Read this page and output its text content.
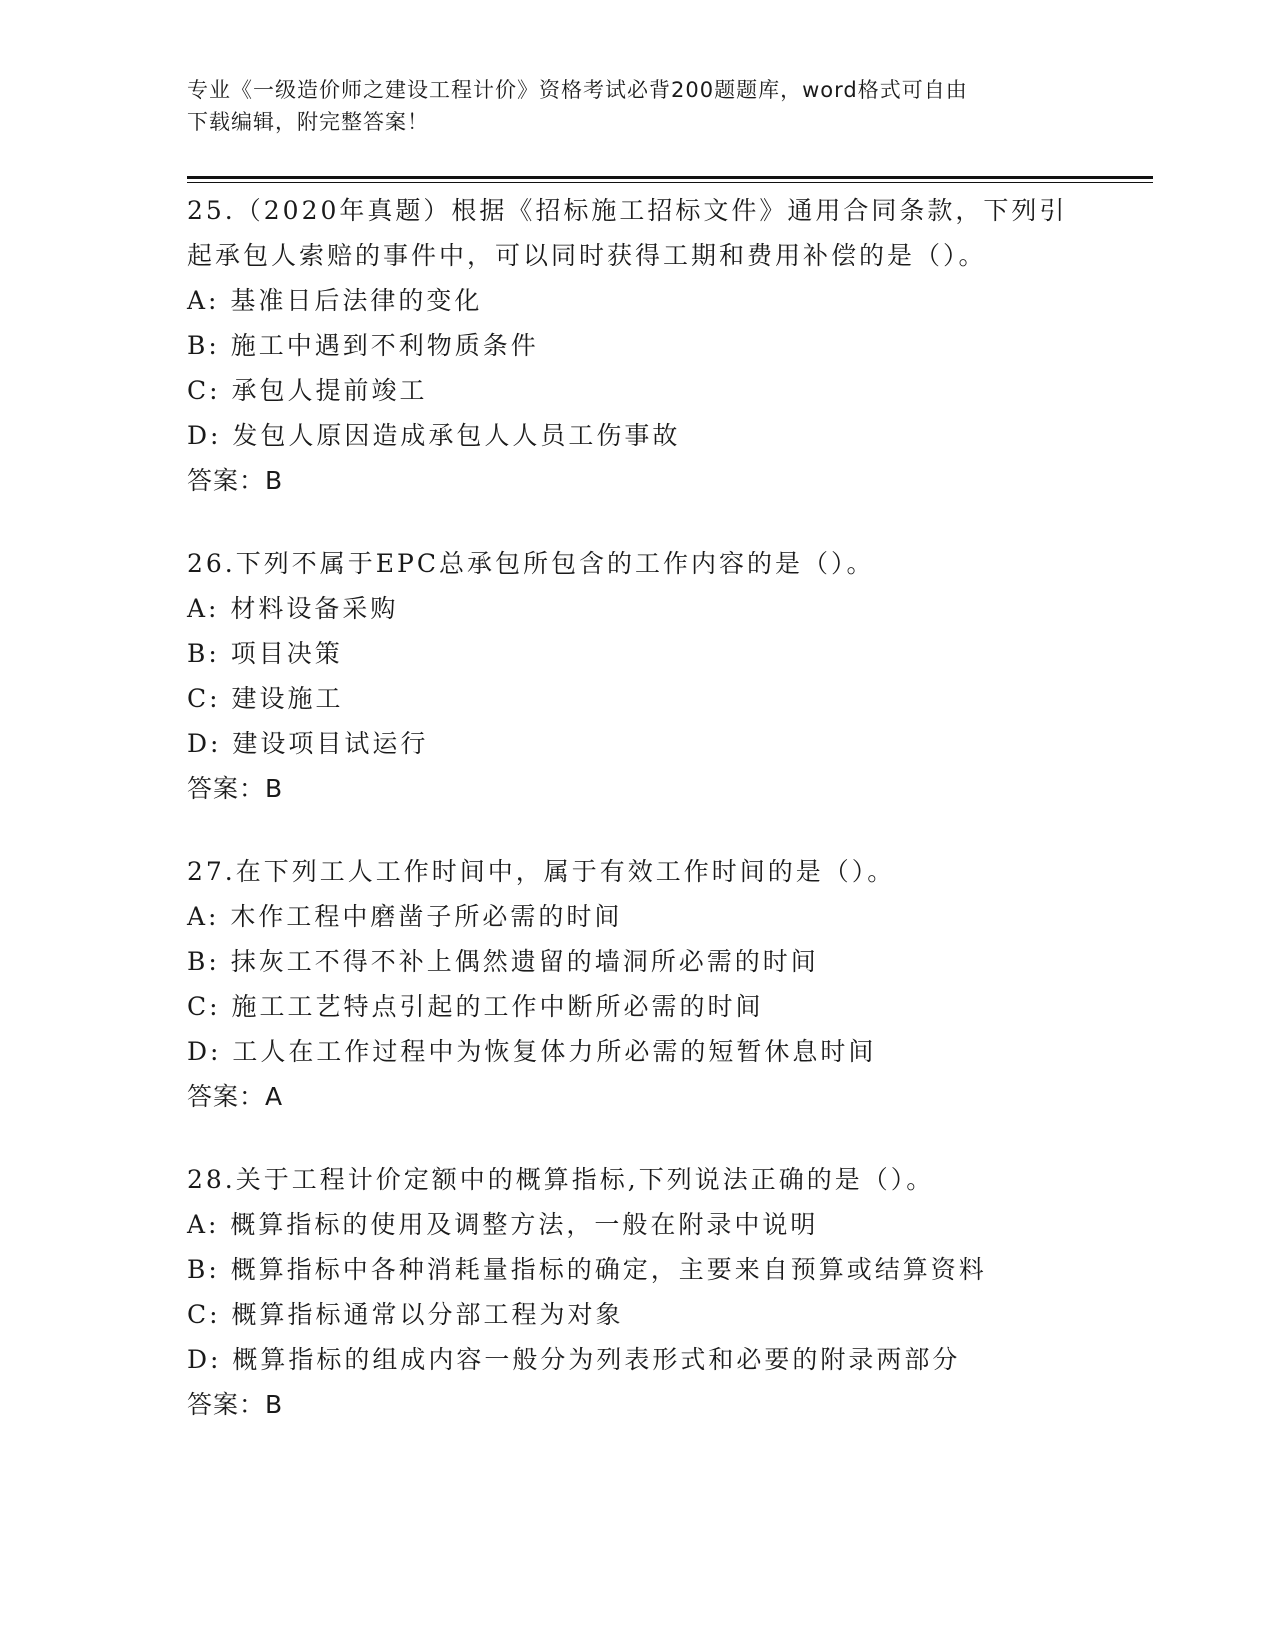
专业《一级造价师之建设工程计价》资格考试必背200题题库，word格式可自由
下载编辑，附完整答案！
25.（2020年真题）根据《招标施工招标文件》通用合同条款，下列引
起承包人索赔的事件中，可以同时获得工期和费用补偿的是（）。
A: 基准日后法律的变化
B: 施工中遇到不利物质条件
C: 承包人提前竣工
D: 发包人原因造成承包人人员工伤事故
答案：B
26.下列不属于EPC总承包所包含的工作内容的是（）。
A: 材料设备采购
B: 项目决策
C: 建设施工
D: 建设项目试运行
答案：B
27.在下列工人工作时间中，属于有效工作时间的是（）。
A: 木作工程中磨凿子所必需的时间
B: 抹灰工不得不补上偶然遗留的墙洞所必需的时间
C: 施工工艺特点引起的工作中断所必需的时间
D: 工人在工作过程中为恢复体力所必需的短暂休息时间
答案：A
28.关于工程计价定额中的概算指标,下列说法正确的是（）。
A: 概算指标的使用及调整方法，一般在附录中说明
B: 概算指标中各种消耗量指标的确定，主要来自预算或结算资料
C: 概算指标通常以分部工程为对象
D: 概算指标的组成内容一般分为列表形式和必要的附录两部分
答案：B
